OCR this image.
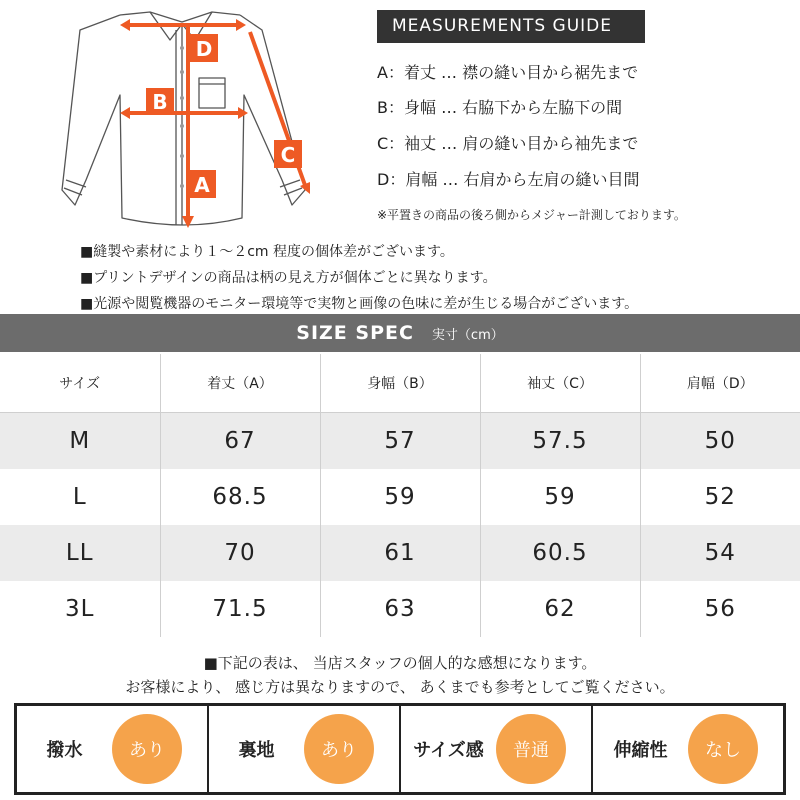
D
B
A
C
MEASUREMENTS GUIDE
A：着丈 … 襟の縫い目から裾先まで
B：身幅 … 右脇下から左脇下の間
C：袖丈 … 肩の縫い目から袖先まで
D：肩幅 … 右肩から左肩の縫い目間
※平置きの商品の後ろ側からメジャー計測しております。
■縫製や素材により１～２cm 程度の個体差がございます。
■プリントデザインの商品は柄の見え方が個体ごとに異なります。
■光源や閲覧機器のモニター環境等で実物と画像の色味に差が生じる場合がございます。
SIZE SPEC 実寸（cm）
サイズ	着丈（A）	身幅（B）	袖丈（C）	肩幅（D）
M	67	57	57.5	50
L	68.5	59	59	52
LL	70	61	60.5	54
3L	71.5	63	62	56
■下記の表は、 当店スタッフの個人的な感想になります。
お客様により、 感じ方は異なりますので、 あくまでも参考としてご覧ください。
撥水	あり	裏地	あり	サイズ感	普通	伸縮性	なし
